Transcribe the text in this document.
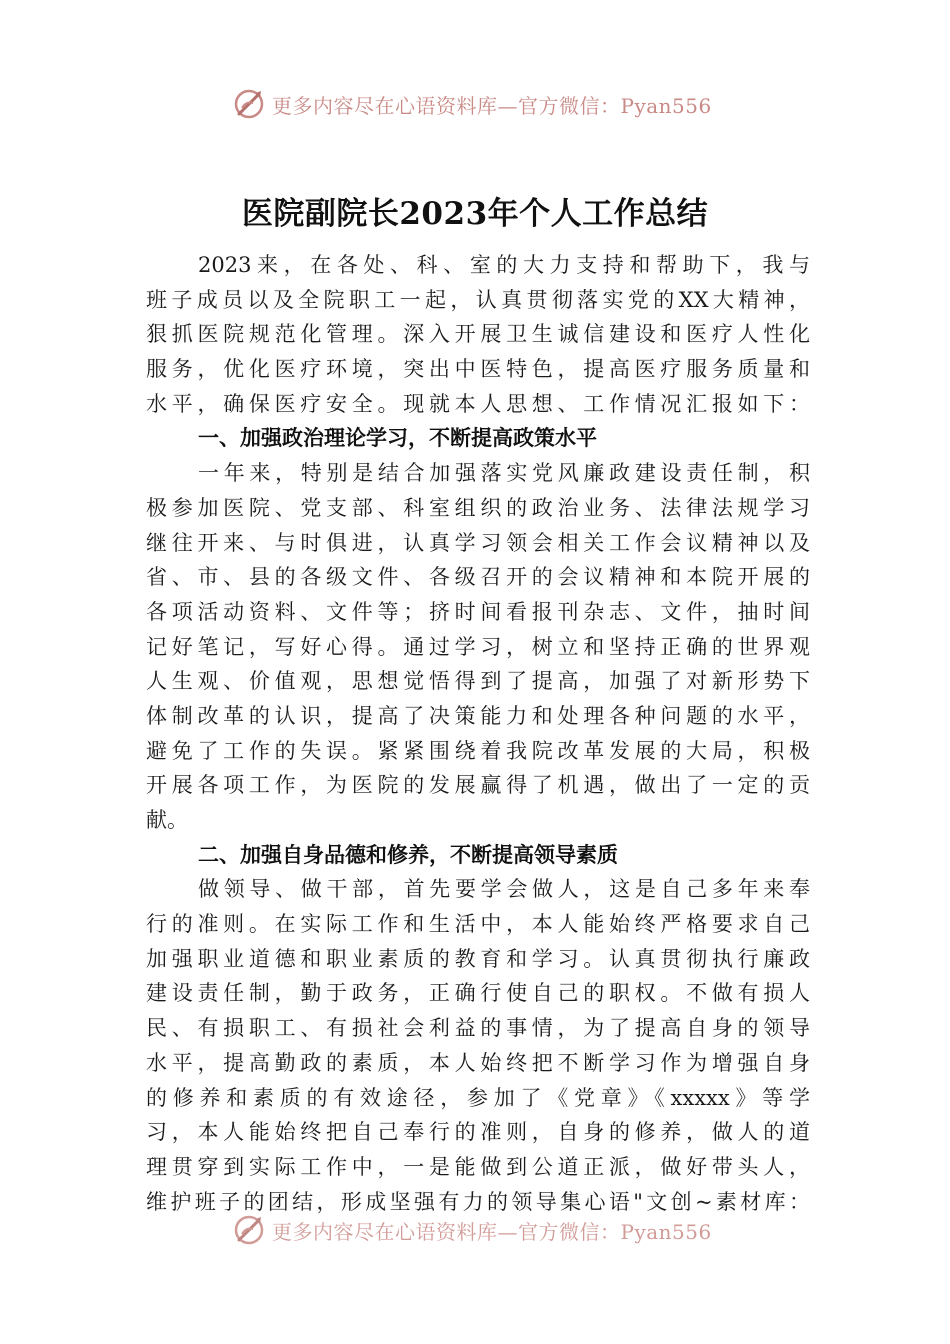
更多内容尽在心语资料库—官方微信：Pyan556
医院副院长2023年个人工作总结
2023来，在各处、科、室的大力支持和帮助下，我与
班子成员以及全院职工一起，认真贯彻落实党的XX大精神，
狠抓医院规范化管理。深入开展卫生诚信建设和医疗人性化
服务，优化医疗环境，突出中医特色，提高医疗服务质量和
水平，确保医疗安全。现就本人思想、工作情况汇报如下：
一、加强政治理论学习，不断提高政策水平
一年来，特别是结合加强落实党风廉政建设责任制，积
极参加医院、党支部、科室组织的政治业务、法律法规学习
继往开来、与时俱进，认真学习领会相关工作会议精神以及
省、市、县的各级文件、各级召开的会议精神和本院开展的
各项活动资料、文件等；挤时间看报刊杂志、文件，抽时间
记好笔记，写好心得。通过学习，树立和坚持正确的世界观
人生观、价值观，思想觉悟得到了提高，加强了对新形势下
体制改革的认识，提高了决策能力和处理各种问题的水平，
避免了工作的失误。紧紧围绕着我院改革发展的大局，积极
开展各项工作，为医院的发展赢得了机遇，做出了一定的贡
献。
二、加强自身品德和修养，不断提高领导素质
做领导、做干部，首先要学会做人，这是自己多年来奉
行的准则。在实际工作和生活中，本人能始终严格要求自己
加强职业道德和职业素质的教育和学习。认真贯彻执行廉政
建设责任制，勤于政务，正确行使自己的职权。不做有损人
民、有损职工、有损社会利益的事情，为了提高自身的领导
水平，提高勤政的素质，本人始终把不断学习作为增强自身
的修养和素质的有效途径，参加了《党章》《xxxxx》等学
习，本人能始终把自己奉行的准则，自身的修养，做人的道
理贯穿到实际工作中，一是能做到公道正派，做好带头人，
维护班子的团结，形成坚强有力的领导集心语"文创~素材库：
更多内容尽在心语资料库—官方微信：Pyan556
